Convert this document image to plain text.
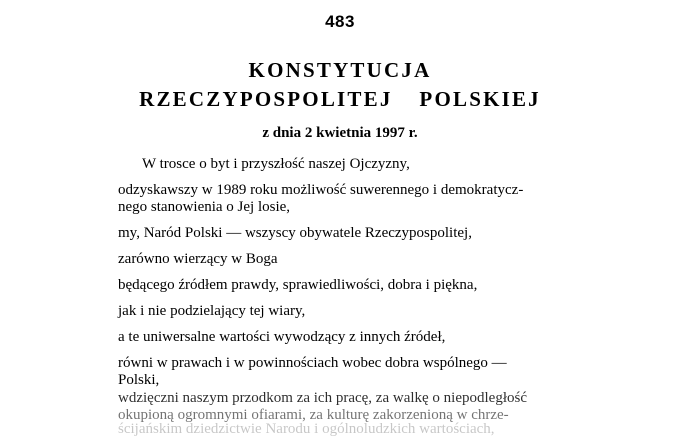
483
KONSTYTUCJA
RZECZYPOSPOLITEJ  POLSKIEJ
z dnia 2 kwietnia 1997 r.
W trosce o byt i przyszłość naszej Ojczyzny,
odzyskawszy w 1989 roku możliwość suwerennego i demokratycz-
nego stanowienia o Jej losie,
my, Naród Polski — wszyscy obywatele Rzeczypospolitej,
zarówno wierzący w Boga
będącego źródłem prawdy, sprawiedliwości, dobra i piękna,
jak i nie podzielający tej wiary,
a te uniwersalne wartości wywodzący z innych źródeł,
równi w prawach i w powinnościach wobec dobra wspólnego —
Polski,
wdzięczni naszym przodkom za ich pracę, za walkę o niepodległość
okupioną ogromnymi ofiarami, za kulturę zakorzenioną w chrze-
ścijańskim dziedzictwie Narodu i ogólnoludzkich wartościach,
